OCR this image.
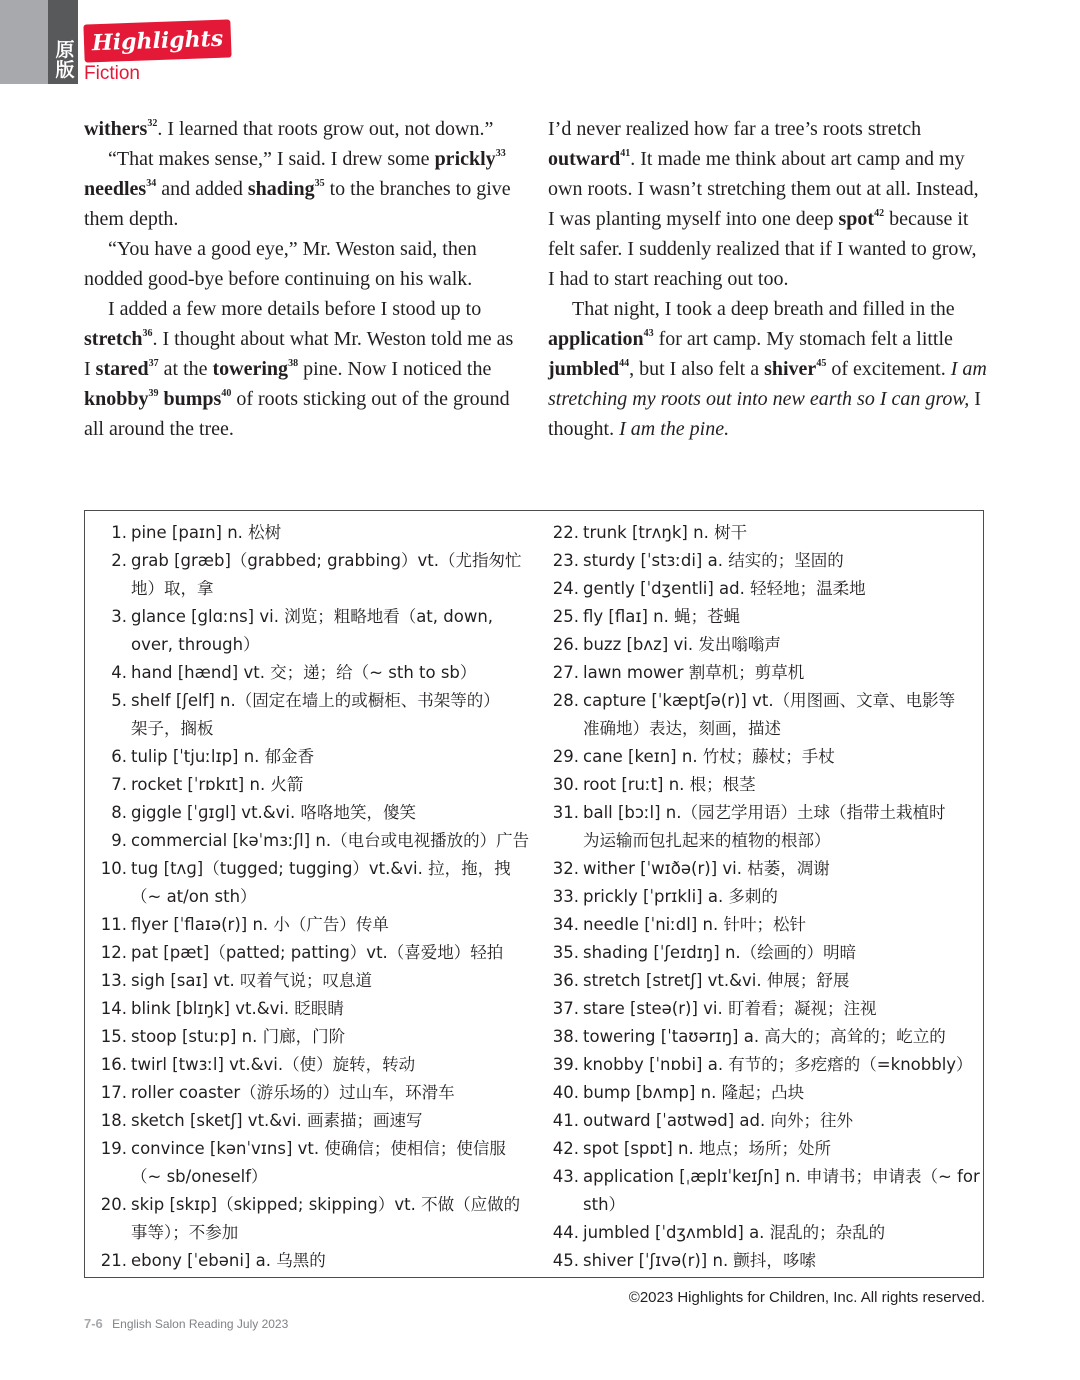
原版
Highlights
Fiction

withers$^{32}$. I learned that roots grow out, not down.”

“That makes sense,” I said. I drew some prickly$^{33}$ needles$^{34}$ and added shading$^{35}$ to the branches to give them depth.

“You have a good eye,” Mr. Weston said, then nodded good-bye before continuing on his walk.

I added a few more details before I stood up to stretch$^{36}$. I thought about what Mr. Weston told me as I stared$^{37}$ at the towering$^{38}$ pine. Now I noticed the knobby$^{39}$ bumps$^{40}$ of roots sticking out of the ground all around the tree.

I’d never realized how far a tree’s roots stretch outward$^{41}$. It made me think about art camp and my own roots. I wasn’t stretching them out at all. Instead, I was planting myself into one deep spot$^{42}$ because it felt safer. I suddenly realized that if I wanted to grow, I had to start reaching out too.

That night, I took a deep breath and filled in the application$^{43}$ for art camp. My stomach felt a little jumbled$^{44}$, but I also felt a shiver$^{45}$ of excitement. I am stretching my roots out into new earth so I can grow, I thought. I am the pine.

1. pine [paɪn] n. 松树
2. grab [græb]（grabbed; grabbing）vt.（尤指匆忙
地）取，拿
3. glance [glɑːns] vi. 浏览；粗略地看（at, down,
over, through）
4. hand [hænd] vt. 交；递；给（~ sth to sb）
5. shelf [ʃelf] n.（固定在墙上的或橱柜、书架等的）
架子，搁板
6. tulip [ˈtjuːlɪp] n. 郁金香
7. rocket [ˈrɒkɪt] n. 火箭
8. giggle [ˈɡɪɡl] vt.&vi. 咯咯地笑，傻笑
9. commercial [kəˈmɜːʃl] n.（电台或电视播放的）广告
10. tug [tʌɡ]（tugged; tugging）vt.&vi. 拉，拖，拽
（~ at/on sth）
11. flyer [ˈflaɪə(r)] n. 小（广告）传单
12. pat [pæt]（patted; patting）vt.（喜爱地）轻拍
13. sigh [saɪ] vt. 叹着气说；叹息道
14. blink [blɪŋk] vt.&vi. 眨眼睛
15. stoop [stuːp] n. 门廊，门阶
16. twirl [twɜːl] vt.&vi.（使）旋转，转动
17. roller coaster（游乐场的）过山车，环滑车
18. sketch [sketʃ] vt.&vi. 画素描；画速写
19. convince [kənˈvɪns] vt. 使确信；使相信；使信服
（~ sb/oneself）
20. skip [skɪp]（skipped; skipping）vt. 不做（应做的
事等）；不参加
21. ebony [ˈebəni] a. 乌黑的
22. trunk [trʌŋk] n. 树干
23. sturdy [ˈstɜːdi] a. 结实的；坚固的
24. gently [ˈdʒentli] ad. 轻轻地；温柔地
25. fly [flaɪ] n. 蝇；苍蝇
26. buzz [bʌz] vi. 发出嗡嗡声
27. lawn mower 割草机；剪草机
28. capture [ˈkæptʃə(r)] vt.（用图画、文章、电影等
准确地）表达，刻画，描述
29. cane [keɪn] n. 竹杖；藤杖；手杖
30. root [ruːt] n. 根；根茎
31. ball [bɔːl] n.（园艺学用语）土球（指带土栽植时
为运输而包扎起来的植物的根部）
32. wither [ˈwɪðə(r)] vi. 枯萎，凋谢
33. prickly [ˈprɪkli] a. 多刺的
34. needle [ˈniːdl] n. 针叶；松针
35. shading [ˈʃeɪdɪŋ] n.（绘画的）明暗
36. stretch [stretʃ] vt.&vi. 伸展；舒展
37. stare [steə(r)] vi. 盯着看；凝视；注视
38. towering [ˈtaʊərɪŋ] a. 高大的；高耸的；屹立的
39. knobby [ˈnɒbi] a. 有节的；多疙瘩的（=knobbly）
40. bump [bʌmp] n. 隆起；凸块
41. outward [ˈaʊtwəd] ad. 向外；往外
42. spot [spɒt] n. 地点；场所；处所
43. application [ˌæplɪˈkeɪʃn] n. 申请书；申请表（~ for
sth）
44. jumbled [ˈdʒʌmbld] a. 混乱的；杂乱的
45. shiver [ˈʃɪvə(r)] n. 颤抖，哆嗦
©2023 Highlights for Children, Inc. All rights reserved.
7-6 English Salon Reading July 2023
